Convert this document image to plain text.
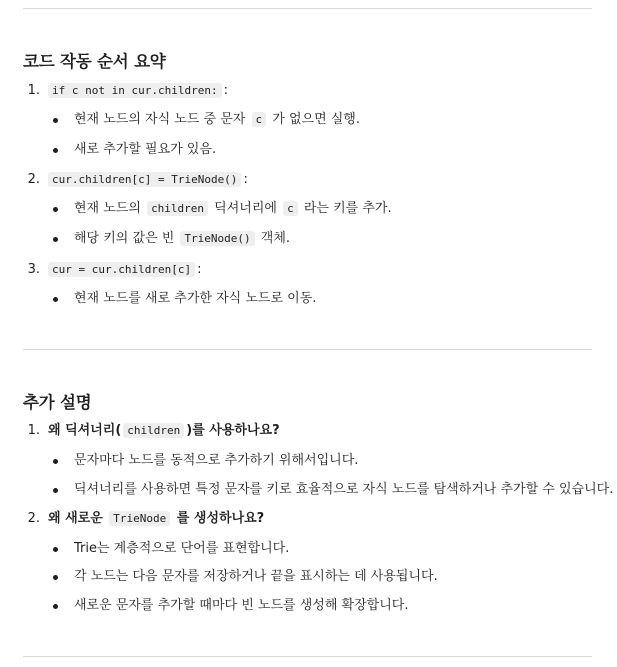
코드 작동 순서 요약
1.	if c not in cur.children: :
현재 노드의 자식 노드 중 문자 c 가 없으면 실행.
새로 추가할 필요가 있음.
2.	cur.children[c] = TrieNode() :
현재 노드의 children 딕셔너리에 c 라는 키를 추가.
해당 키의 값은 빈 TrieNode() 객체.
3.	cur = cur.children[c] :
현재 노드를 새로 추가한 자식 노드로 이동.
추가 설명
1. 왜 딕셔너리( children )를 사용하나요?
문자마다 노드를 동적으로 추가하기 위해서입니다.
딕셔너리를 사용하면 특정 문자를 키로 효율적으로 자식 노드를 탐색하거나 추가할 수 있습니다.
2. 왜 새로운 TrieNode 를 생성하나요?
Trie는 계층적으로 단어를 표현합니다.
각 노드는 다음 문자를 저장하거나 끝을 표시하는 데 사용됩니다.
새로운 문자를 추가할 때마다 빈 노드를 생성해 확장합니다.
